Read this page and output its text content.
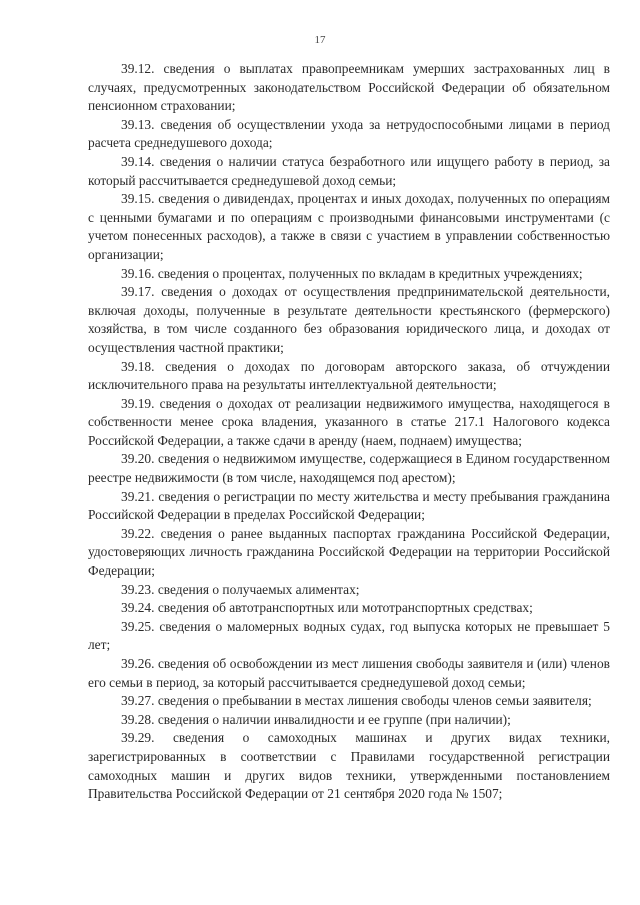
17

39.12. сведения о выплатах правопреемникам умерших застрахованных лиц в случаях, предусмотренных законодательством Российской Федерации об обязательном пенсионном страховании;

39.13. сведения об осуществлении ухода за нетрудоспособными лицами в период расчета среднедушевого дохода;

39.14. сведения о наличии статуса безработного или ищущего работу в период, за который рассчитывается среднедушевой доход семьи;

39.15. сведения о дивидендах, процентах и иных доходах, полученных по операциям с ценными бумагами и по операциям с производными финансовыми инструментами (с учетом понесенных расходов), а также в связи с участием в управлении собственностью организации;

39.16. сведения о процентах, полученных по вкладам в кредитных учреждениях;

39.17. сведения о доходах от осуществления предпринимательской деятельности, включая доходы, полученные в результате деятельности крестьянского (фермерского) хозяйства, в том числе созданного без образования юридического лица, и доходах от осуществления частной практики;

39.18. сведения о доходах по договорам авторского заказа, об отчуждении исключительного права на результаты интеллектуальной деятельности;

39.19. сведения о доходах от реализации недвижимого имущества, находящегося в собственности менее срока владения, указанного в статье 217.1 Налогового кодекса Российской Федерации, а также сдачи в аренду (наем, поднаем) имущества;

39.20. сведения о недвижимом имуществе, содержащиеся в Едином государственном реестре недвижимости (в том числе, находящемся под арестом);

39.21. сведения о регистрации по месту жительства и месту пребывания гражданина Российской Федерации в пределах Российской Федерации;

39.22. сведения о ранее выданных паспортах гражданина Российской Федерации, удостоверяющих личность гражданина Российской Федерации на территории Российской Федерации;

39.23. сведения о получаемых алиментах;

39.24. сведения об автотранспортных или мототранспортных средствах;

39.25. сведения о маломерных водных судах, год выпуска которых не превышает 5 лет;

39.26. сведения об освобождении из мест лишения свободы заявителя и (или) членов его семьи в период, за который рассчитывается среднедушевой доход семьи;

39.27. сведения о пребывании в местах лишения свободы членов семьи заявителя;

39.28. сведения о наличии инвалидности и ее группе (при наличии);

39.29. сведения о самоходных машинах и других видах техники, зарегистрированных в соответствии с Правилами государственной регистрации самоходных машин и других видов техники, утвержденными постановлением Правительства Российской Федерации от 21 сентября 2020 года № 1507;
